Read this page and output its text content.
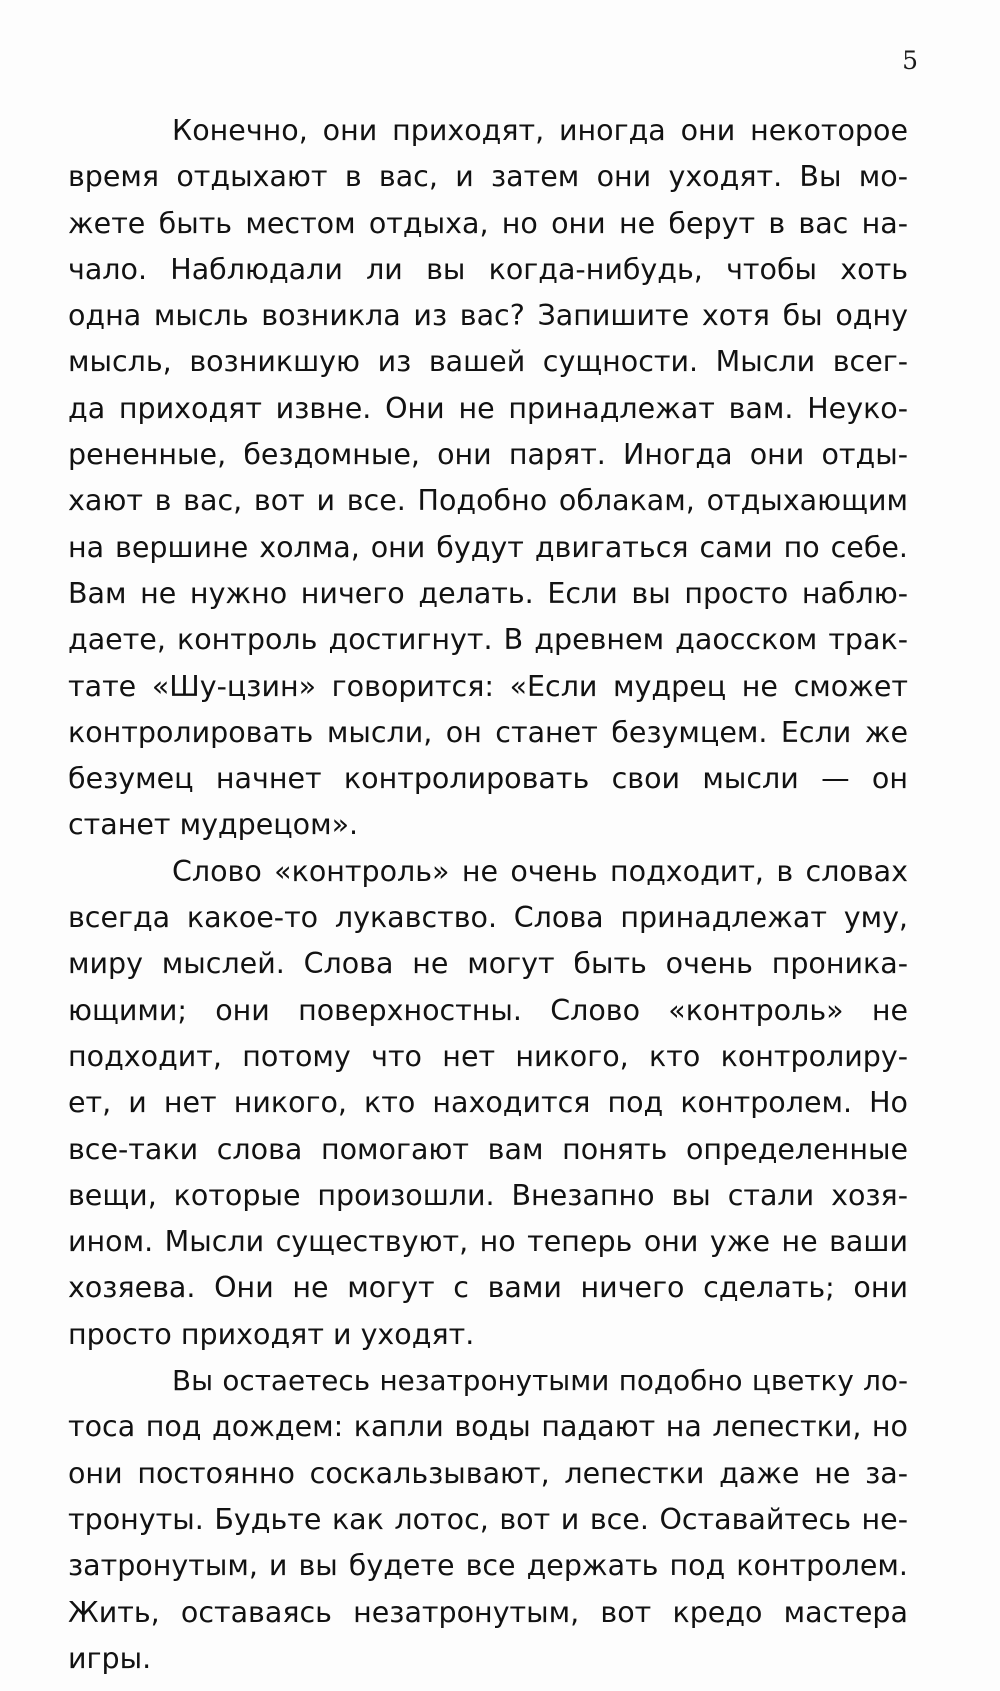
5
Конечно, они приходят, иногда они некоторое
время отдыхают в вас, и затем они уходят. Вы мо-
жете быть местом отдыха, но они не берут в вас на-
чало. Наблюдали ли вы когда-нибудь, чтобы хоть
одна мысль возникла из вас? Запишите хотя бы одну
мысль, возникшую из вашей сущности. Мысли всег-
да приходят извне. Они не принадлежат вам. Неуко-
рененные, бездомные, они парят. Иногда они отды-
хают в вас, вот и все. Подобно облакам, отдыхающим
на вершине холма, они будут двигаться сами по себе.
Вам не нужно ничего делать. Если вы просто наблю-
даете, контроль достигнут. В древнем даосском трак-
тате «Шу-цзин» говорится: «Если мудрец не сможет
контролировать мысли, он станет безумцем. Если же
безумец начнет контролировать свои мысли — он
станет мудрецом».
Слово «контроль» не очень подходит, в словах
всегда какое-то лукавство. Слова принадлежат уму,
миру мыслей. Слова не могут быть очень проника-
ющими; они поверхностны. Слово «контроль» не
подходит, потому что нет никого, кто контролиру-
ет, и нет никого, кто находится под контролем. Но
все-таки слова помогают вам понять определенные
вещи, которые произошли. Внезапно вы стали хозя-
ином. Мысли существуют, но теперь они уже не ваши
хозяева. Они не могут с вами ничего сделать; они
просто приходят и уходят.
Вы остаетесь незатронутыми подобно цветку ло-
тоса под дождем: капли воды падают на лепестки, но
они постоянно соскальзывают, лепестки даже не за-
тронуты. Будьте как лотос, вот и все. Оставайтесь не-
затронутым, и вы будете все держать под контролем.
Жить, оставаясь незатронутым, вот кредо мастера
игры.
